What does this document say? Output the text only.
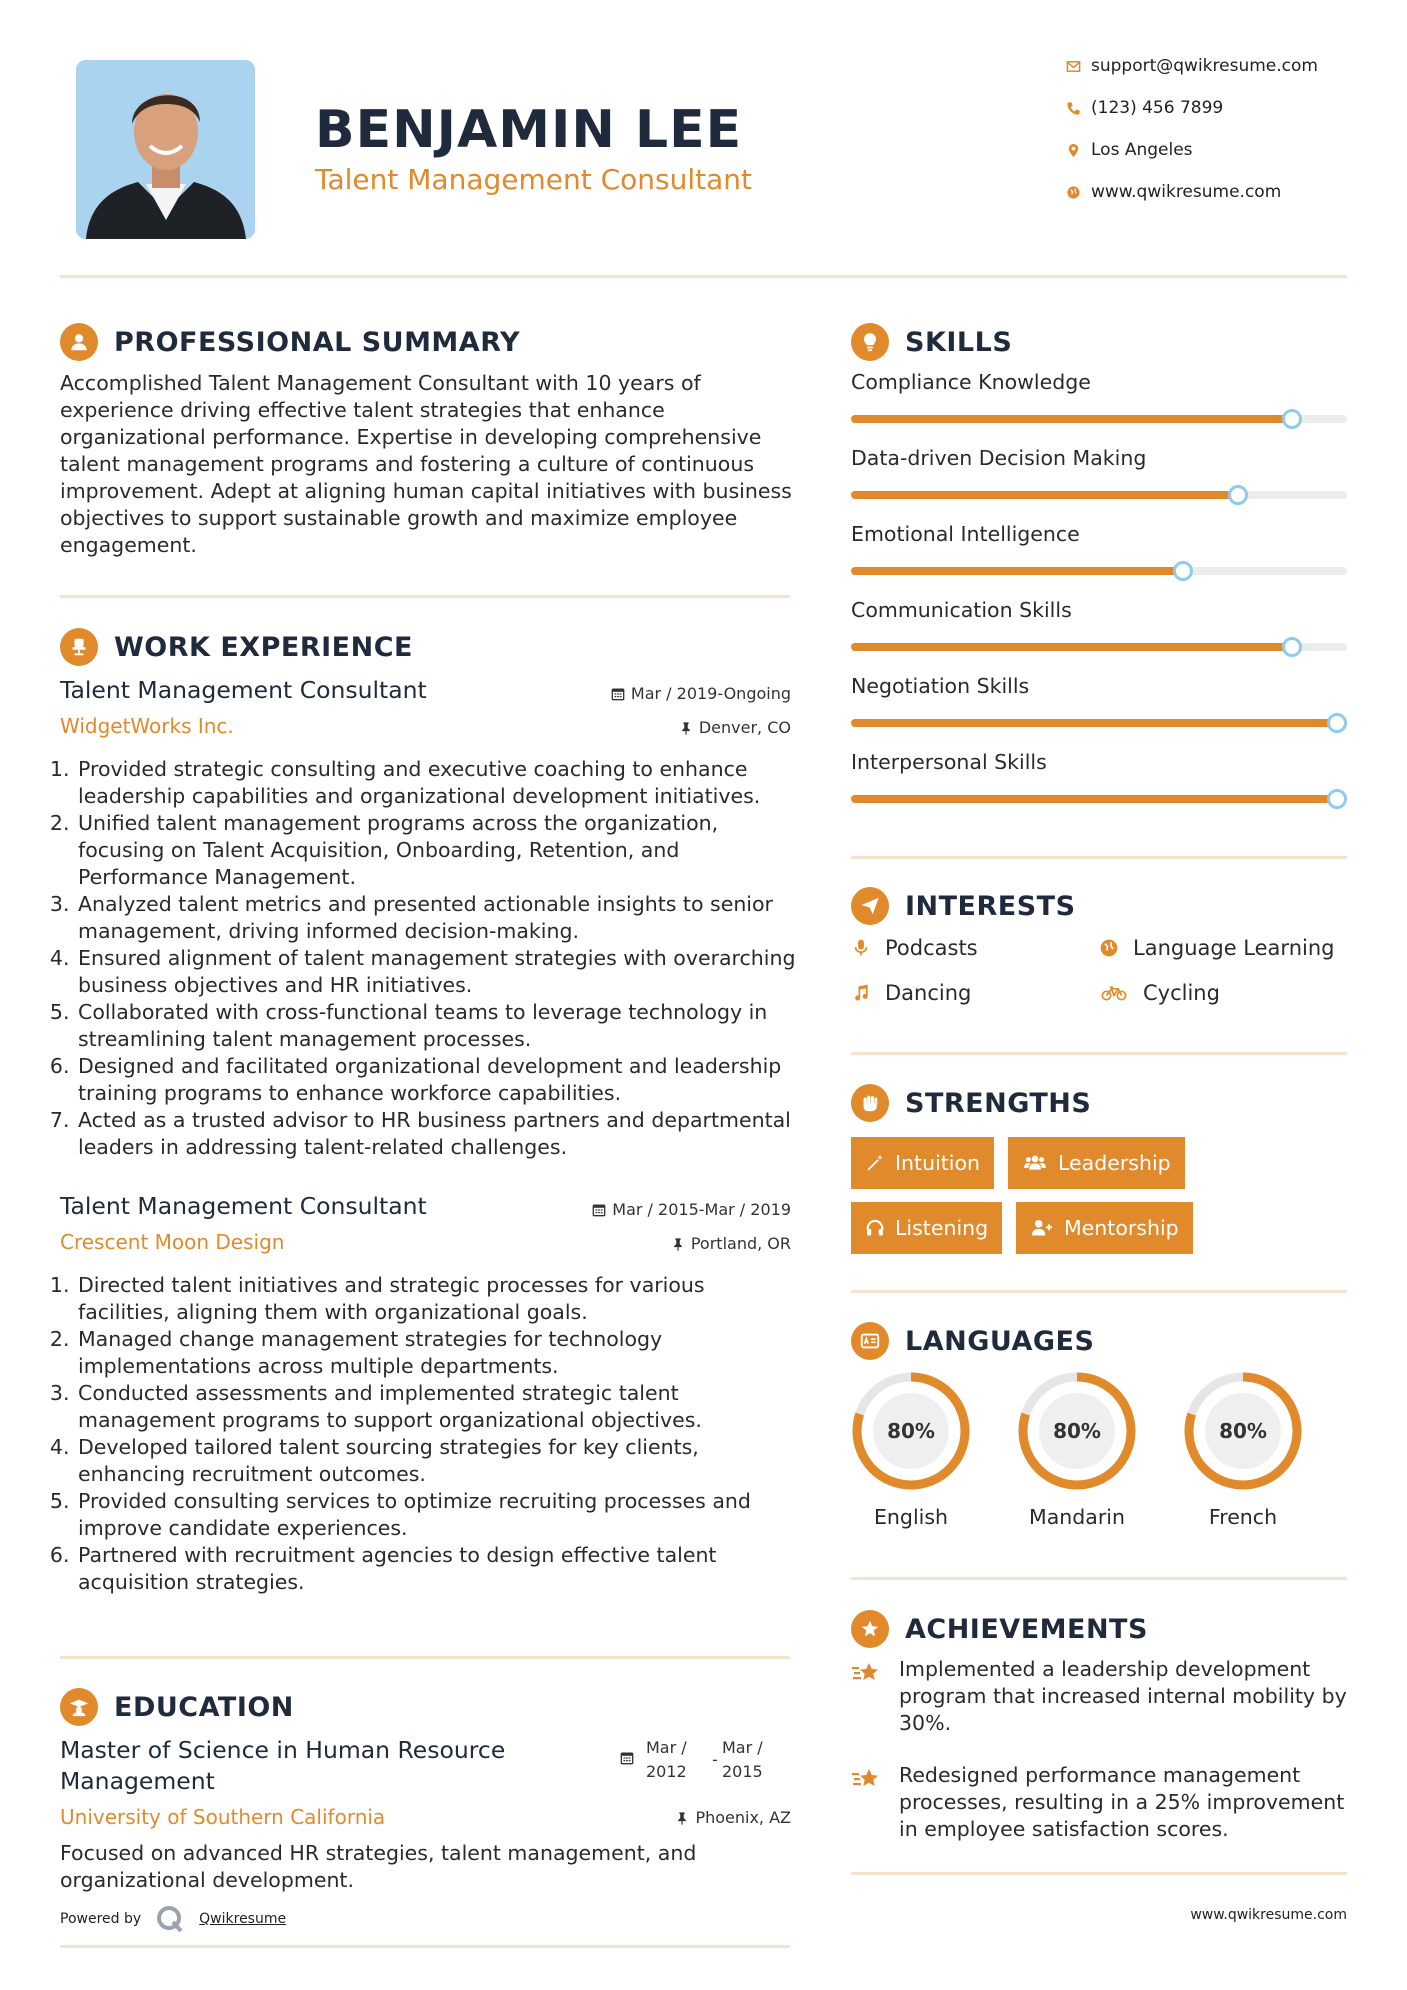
BENJAMIN LEE
Talent Management Consultant
support@qwikresume.com
(123) 456 7899
Los Angeles
www.qwikresume.com
PROFESSIONAL SUMMARY
Accomplished Talent Management Consultant with 10 years of experience driving effective talent strategies that enhance organizational performance. Expertise in developing comprehensive talent management programs and fostering a culture of continuous improvement. Adept at aligning human capital initiatives with business objectives to support sustainable growth and maximize employee engagement.
WORK EXPERIENCE
Talent Management Consultant	Mar / 2019-Ongoing
WidgetWorks Inc.	Denver, CO
1. Provided strategic consulting and executive coaching to enhance leadership capabilities and organizational development initiatives.
2. Unified talent management programs across the organization, focusing on Talent Acquisition, Onboarding, Retention, and Performance Management.
3. Analyzed talent metrics and presented actionable insights to senior management, driving informed decision-making.
4. Ensured alignment of talent management strategies with overarching business objectives and HR initiatives.
5. Collaborated with cross-functional teams to leverage technology in streamlining talent management processes.
6. Designed and facilitated organizational development and leadership training programs to enhance workforce capabilities.
7. Acted as a trusted advisor to HR business partners and departmental leaders in addressing talent-related challenges.
Talent Management Consultant	Mar / 2015-Mar / 2019
Crescent Moon Design	Portland, OR
1. Directed talent initiatives and strategic processes for various facilities, aligning them with organizational goals.
2. Managed change management strategies for technology implementations across multiple departments.
3. Conducted assessments and implemented strategic talent management programs to support organizational objectives.
4. Developed tailored talent sourcing strategies for key clients, enhancing recruitment outcomes.
5. Provided consulting services to optimize recruiting processes and improve candidate experiences.
6. Partnered with recruitment agencies to design effective talent acquisition strategies.
EDUCATION
Master of Science in Human Resource Management
Mar /
2012
-
Mar /
2015
University of Southern California	Phoenix, AZ
Focused on advanced HR strategies, talent management, and organizational development.
Powered by	Qwikresume
SKILLS
Compliance Knowledge
Data-driven Decision Making
Emotional Intelligence
Communication Skills
Negotiation Skills
Interpersonal Skills
INTERESTS
Podcasts	Language Learning
Dancing	Cycling
STRENGTHS
Intuition	Leadership
Listening	Mentorship
LANGUAGES
80%
English
80%
Mandarin
80%
French
ACHIEVEMENTS
Implemented a leadership development program that increased internal mobility by 30%.
Redesigned performance management processes, resulting in a 25% improvement in employee satisfaction scores.
www.qwikresume.com
